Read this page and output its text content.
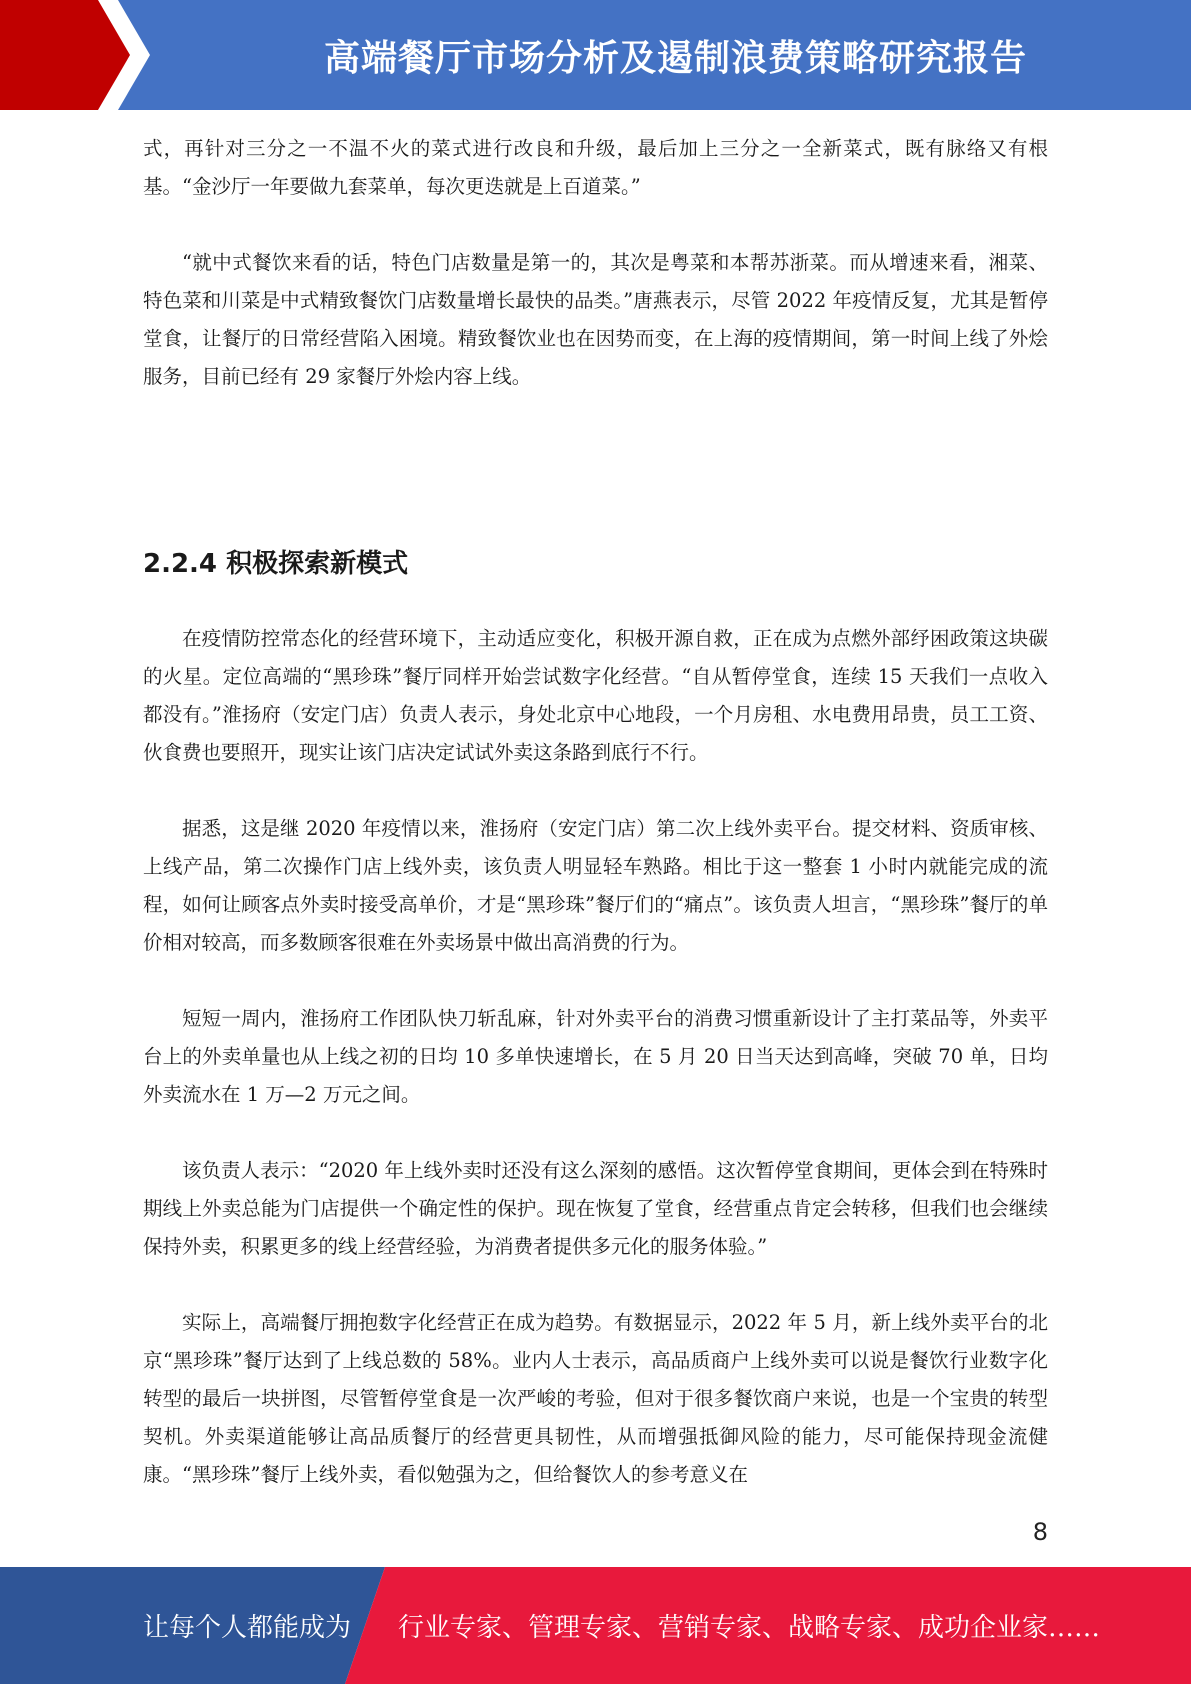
高端餐厅市场分析及遏制浪费策略研究报告

式，再针对三分之一不温不火的菜式进行改良和升级，最后加上三分之一全新菜式，既有脉络又有根基。“金沙厅一年要做九套菜单，每次更迭就是上百道菜。”

“就中式餐饮来看的话，特色门店数量是第一的，其次是粤菜和本帮苏浙菜。而从增速来看，湘菜、特色菜和川菜是中式精致餐饮门店数量增长最快的品类。”唐燕表示，尽管 2022 年疫情反复，尤其是暂停堂食，让餐厅的日常经营陷入困境。精致餐饮业也在因势而变，在上海的疫情期间，第一时间上线了外烩服务，目前已经有 29 家餐厅外烩内容上线。

2.2.4 积极探索新模式

在疫情防控常态化的经营环境下，主动适应变化，积极开源自救，正在成为点燃外部纾困政策这块碳的火星。定位高端的“黑珍珠”餐厅同样开始尝试数字化经营。“自从暂停堂食，连续 15 天我们一点收入都没有。”淮扬府（安定门店）负责人表示，身处北京中心地段，一个月房租、水电费用昂贵，员工工资、伙食费也要照开，现实让该门店决定试试外卖这条路到底行不行。

据悉，这是继 2020 年疫情以来，淮扬府（安定门店）第二次上线外卖平台。提交材料、资质审核、上线产品，第二次操作门店上线外卖，该负责人明显轻车熟路。相比于这一整套 1 小时内就能完成的流程，如何让顾客点外卖时接受高单价，才是“黑珍珠”餐厅们的“痛点”。该负责人坦言，“黑珍珠”餐厅的单价相对较高，而多数顾客很难在外卖场景中做出高消费的行为。

短短一周内，淮扬府工作团队快刀斩乱麻，针对外卖平台的消费习惯重新设计了主打菜品等，外卖平台上的外卖单量也从上线之初的日均 10 多单快速增长，在 5 月 20 日当天达到高峰，突破 70 单，日均外卖流水在 1 万—2 万元之间。

该负责人表示：“2020 年上线外卖时还没有这么深刻的感悟。这次暂停堂食期间，更体会到在特殊时期线上外卖总能为门店提供一个确定性的保护。现在恢复了堂食，经营重点肯定会转移，但我们也会继续保持外卖，积累更多的线上经营经验，为消费者提供多元化的服务体验。”

实际上，高端餐厅拥抱数字化经营正在成为趋势。有数据显示，2022 年 5 月，新上线外卖平台的北京“黑珍珠”餐厅达到了上线总数的 58%。业内人士表示，高品质商户上线外卖可以说是餐饮行业数字化转型的最后一块拼图，尽管暂停堂食是一次严峻的考验，但对于很多餐饮商户来说，也是一个宝贵的转型契机。外卖渠道能够让高品质餐厅的经营更具韧性，从而增强抵御风险的能力，尽可能保持现金流健康。“黑珍珠”餐厅上线外卖，看似勉强为之，但给餐饮人的参考意义在

8
让每个人都能成为 行业专家、管理专家、营销专家、战略专家、成功企业家……
